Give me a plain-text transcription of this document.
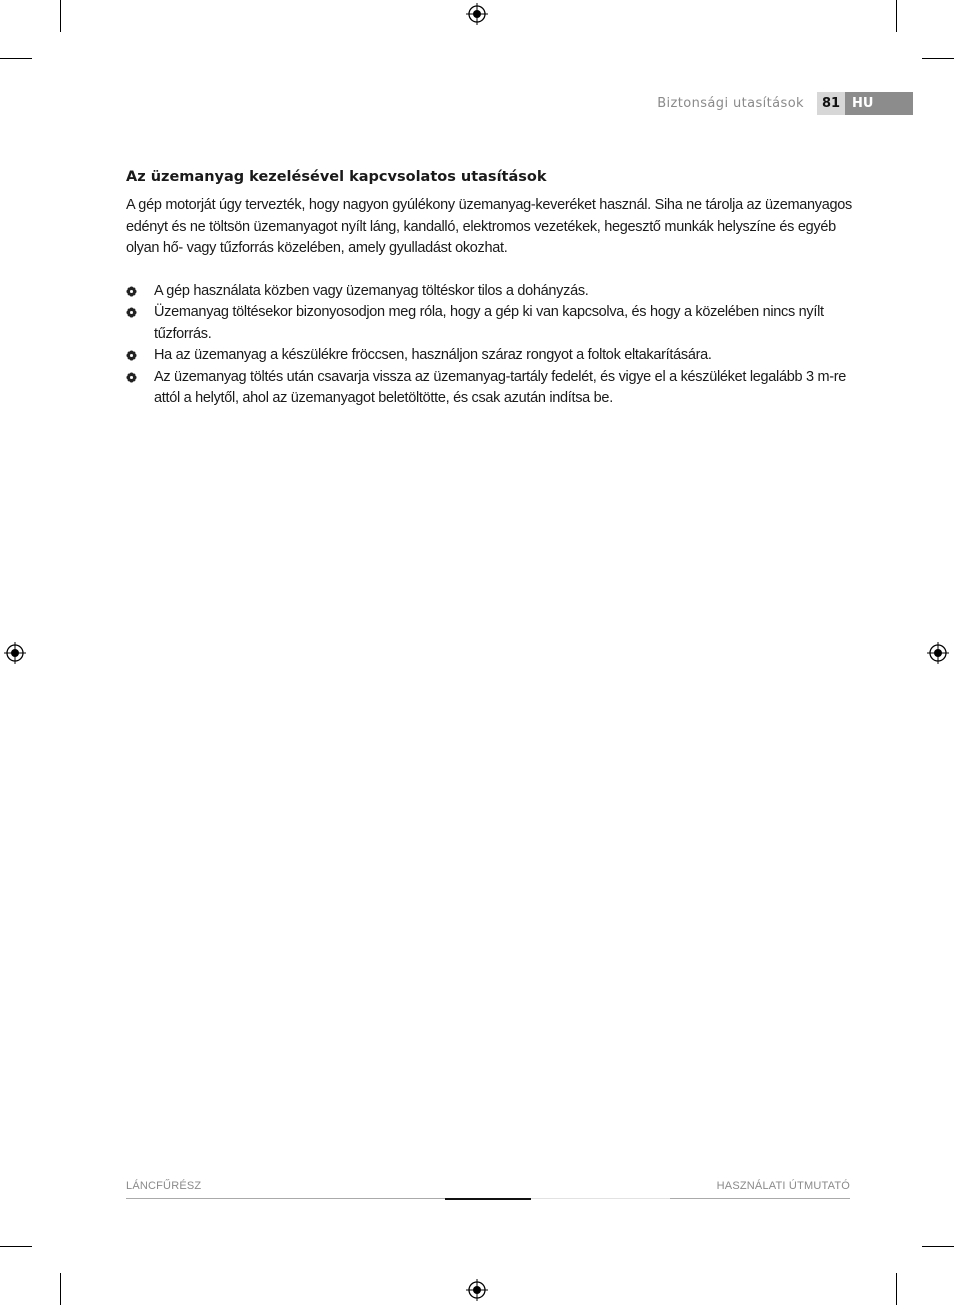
Biztonsági utasítások	81 HU
Az üzemanyag kezelésével kapcvsolatos utasítások

A gép motorját úgy tervezték, hogy nagyon gyúlékony üzemanyag-keveréket használ. Siha ne tárolja az üzemanyagos edényt és ne töltsön üzemanyagot nyílt láng, kandalló, elektromos vezetékek, hegesztő munkák helyszíne és egyéb olyan hő- vagy tűzforrás közelében, amely gyulladást okozhat.

A gép használata közben vagy üzemanyag töltéskor tilos a dohányzás.
Üzemanyag töltésekor bizonyosodjon meg róla, hogy a gép ki van kapcsolva, és hogy a közelében nincs nyílt tűzforrás.
Ha az üzemanyag a készülékre fröccsen, használjon száraz rongyot a foltok eltakarítására.
Az üzemanyag töltés után csavarja vissza az üzemanyag-tartály fedelét, és vigye el a készüléket legalább 3 m-re attól a helytől, ahol az üzemanyagot beletöltötte, és csak azután indítsa be.
LÁNCFŰRÉSZ	HASZNÁLATI ÚTMUTATÓ
